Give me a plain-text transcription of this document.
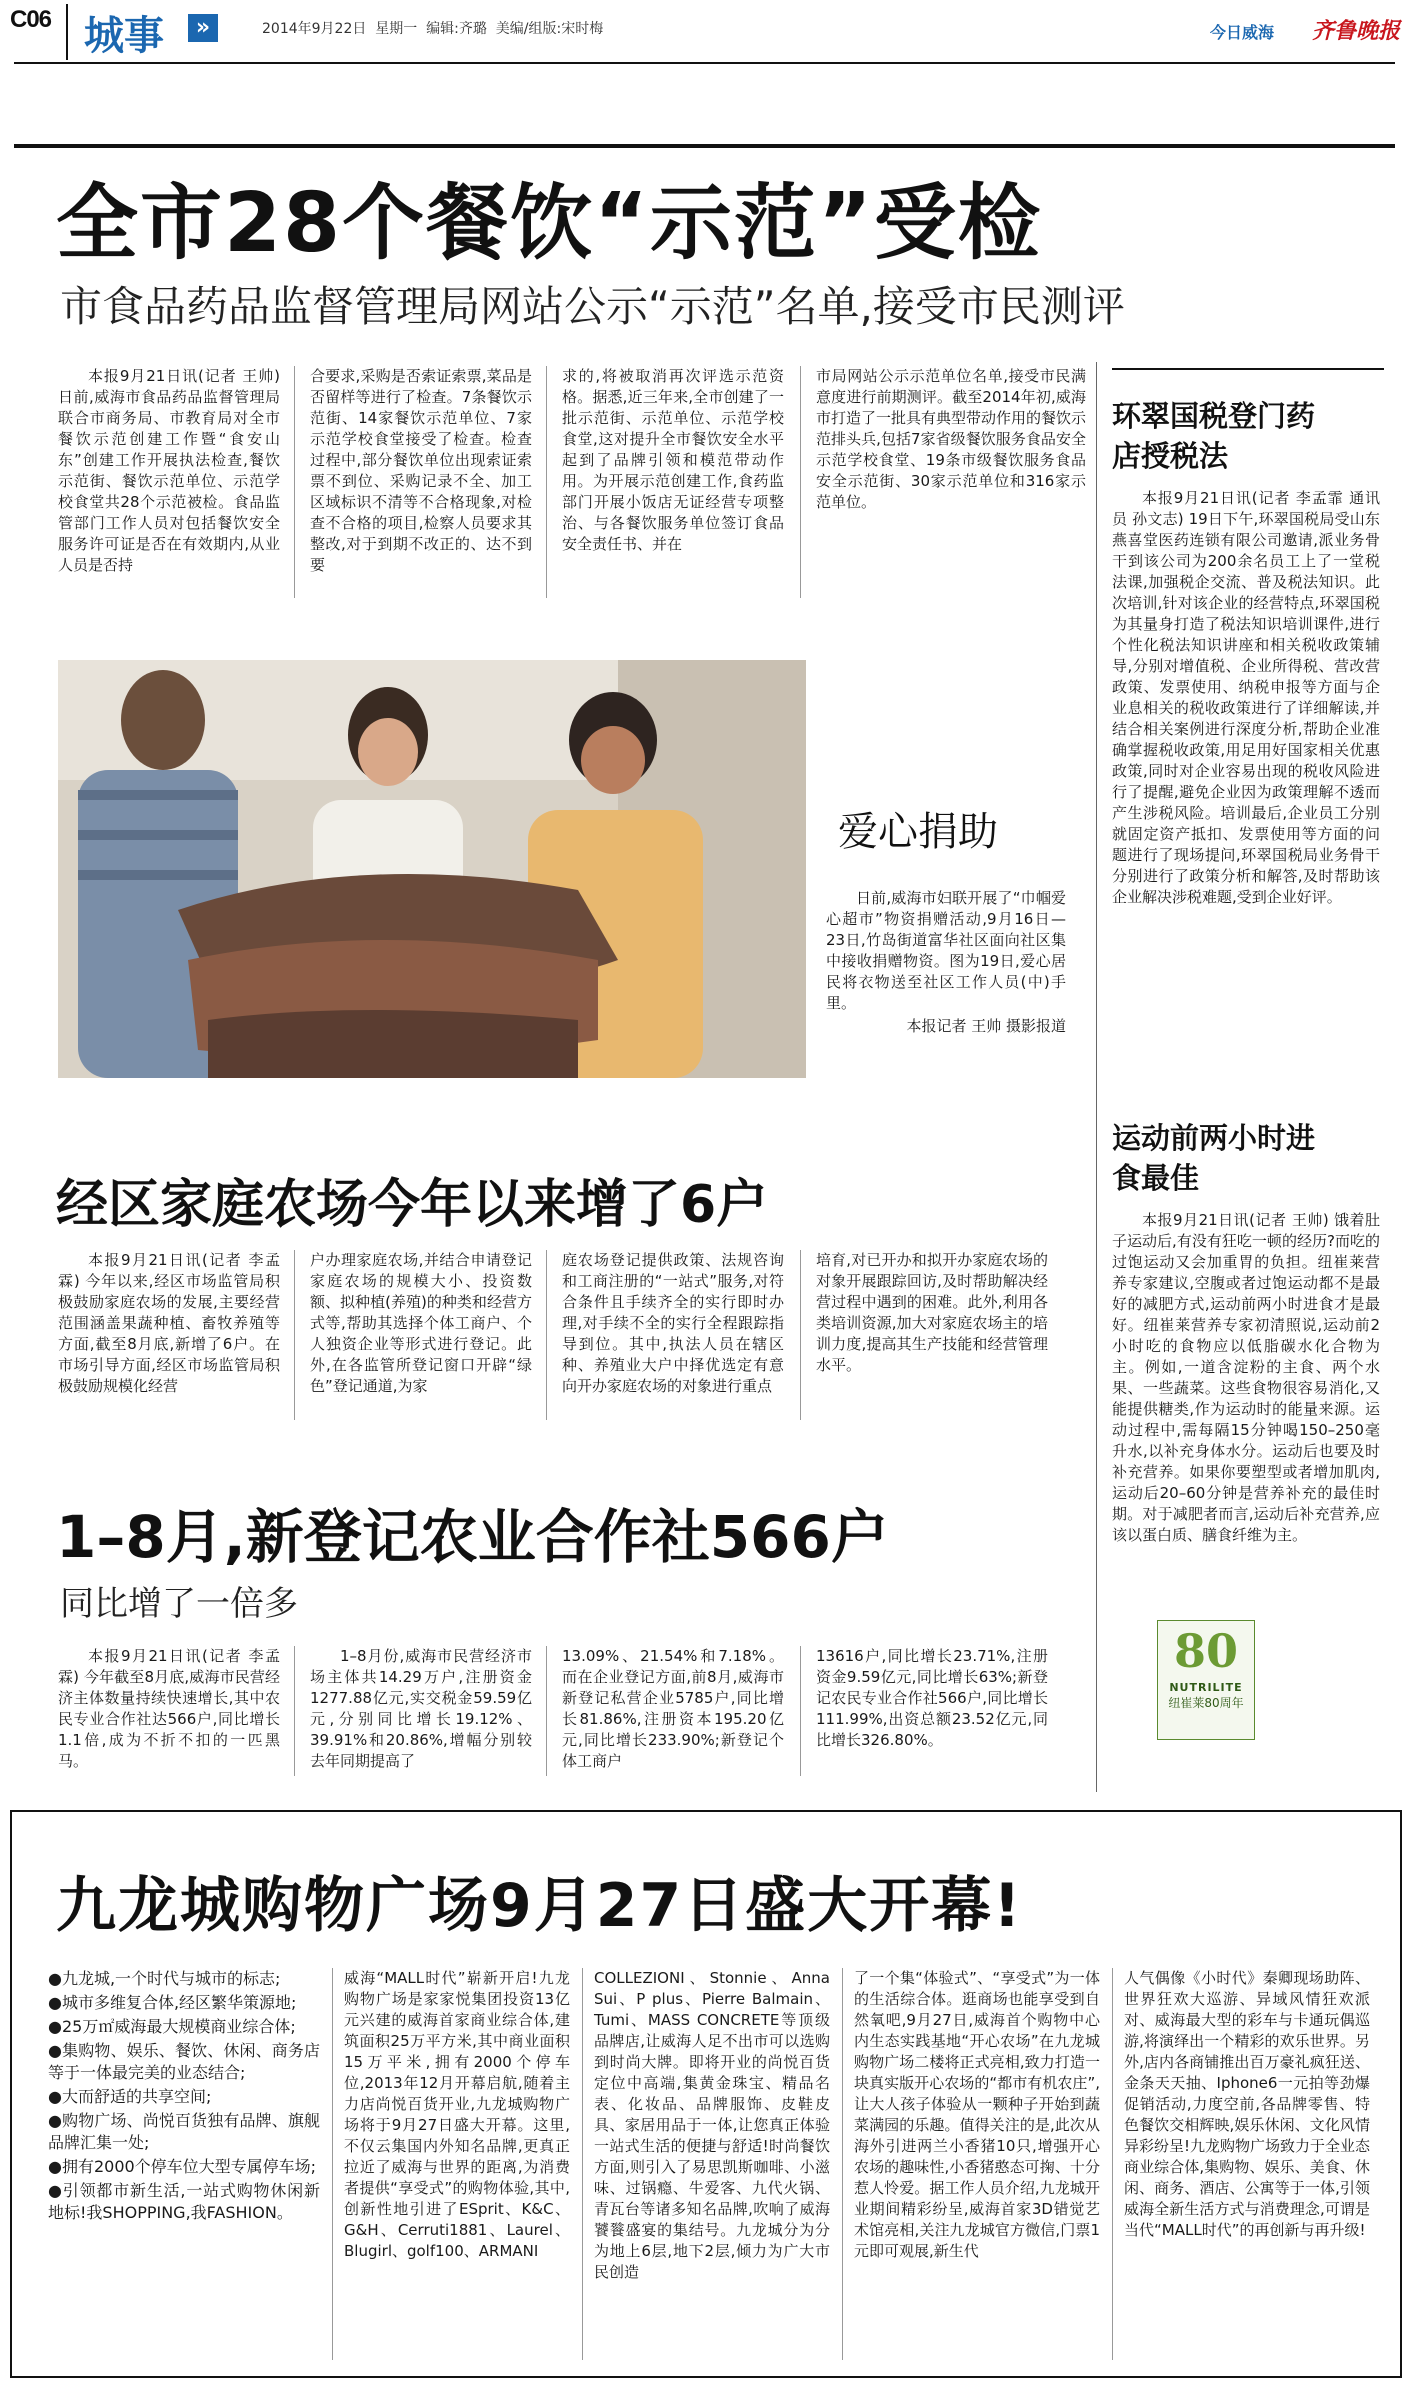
C06 城事	»	2014年9月22日  星期一  编辑:齐璐  美编/组版:宋时梅	今日威海 齐鲁晚报
全市28个餐饮“示范”受检
市食品药品监督管理局网站公示“示范”名单,接受市民测评

本报9月21日讯(记者 王帅) 日前,威海市食品药品监督管理局联合市商务局、市教育局对全市餐饮示范创建工作暨“食安山东”创建工作开展执法检查,餐饮示范街、餐饮示范单位、示范学校食堂共28个示范被检。食品监管部门工作人员对包括餐饮安全服务许可证是否在有效期内,从业人员是否持

合要求,采购是否索证索票,菜品是否留样等进行了检查。7条餐饮示范街、14家餐饮示范单位、7家示范学校食堂接受了检查。检查过程中,部分餐饮单位出现索证索票不到位、采购记录不全、加工区域标识不清等不合格现象,对检查不合格的项目,检察人员要求其整改,对于到期不改正的、达不到要

求的,将被取消再次评选示范资格。据悉,近三年来,全市创建了一批示范街、示范单位、示范学校食堂,这对提升全市餐饮安全水平起到了品牌引领和模范带动作用。为开展示范创建工作,食药监部门开展小饭店无证经营专项整治、与各餐饮服务单位签订食品安全责任书、并在

市局网站公示示范单位名单,接受市民满意度进行前期测评。截至2014年初,威海市打造了一批具有典型带动作用的餐饮示范排头兵,包括7家省级餐饮服务食品安全示范学校食堂、19条市级餐饮服务食品安全示范街、30家示范单位和316家示范单位。

爱心捐助

日前,威海市妇联开展了“巾帼爱心超市”物资捐赠活动,9月16日—23日,竹岛街道富华社区面向社区集中接收捐赠物资。图为19日,爱心居民将衣物送至社区工作人员(中)手里。

本报记者 王帅 摄影报道
经区家庭农场今年以来增了6户

本报9月21日讯(记者 李孟霖) 今年以来,经区市场监管局积极鼓励家庭农场的发展,主要经营范围涵盖果蔬种植、畜牧养殖等方面,截至8月底,新增了6户。在市场引导方面,经区市场监管局积极鼓励规模化经营

户办理家庭农场,并结合申请登记家庭农场的规模大小、投资数额、拟种植(养殖)的种类和经营方式等,帮助其选择个体工商户、个人独资企业等形式进行登记。此外,在各监管所登记窗口开辟“绿色”登记通道,为家

庭农场登记提供政策、法规咨询和工商注册的“一站式”服务,对符合条件且手续齐全的实行即时办理,对手续不全的实行全程跟踪指导到位。其中,执法人员在辖区种、养殖业大户中择优选定有意向开办家庭农场的对象进行重点

培育,对已开办和拟开办家庭农场的对象开展跟踪回访,及时帮助解决经营过程中遇到的困难。此外,利用各类培训资源,加大对家庭农场主的培训力度,提高其生产技能和经营管理水平。

1–8月,新登记农业合作社566户
同比增了一倍多

本报9月21日讯(记者 李孟霖) 今年截至8月底,威海市民营经济主体数量持续快速增长,其中农民专业合作社达566户,同比增长1.1倍,成为不折不扣的一匹黑马。

1–8月份,威海市民营经济市场主体共14.29万户,注册资金1277.88亿元,实交税金59.59亿元,分别同比增长19.12%、39.91%和20.86%,增幅分别较去年同期提高了

13.09%、21.54%和7.18%。而在企业登记方面,前8月,威海市新登记私营企业5785户,同比增长81.86%,注册资本195.20亿元,同比增长233.90%;新登记个体工商户

13616户,同比增长23.71%,注册资金9.59亿元,同比增长63%;新登记农民专业合作社566户,同比增长111.99%,出资总额23.52亿元,同比增长326.80%。

环翠国税登门药店授税法

本报9月21日讯(记者 李孟霏 通讯员 孙文志) 19日下午,环翠国税局受山东燕喜堂医药连锁有限公司邀请,派业务骨干到该公司为200余名员工上了一堂税法课,加强税企交流、普及税法知识。此次培训,针对该企业的经营特点,环翠国税为其量身打造了税法知识培训课件,进行个性化税法知识讲座和相关税收政策辅导,分别对增值税、企业所得税、营改营政策、发票使用、纳税申报等方面与企业息相关的税收政策进行了详细解读,并结合相关案例进行深度分析,帮助企业准确掌握税收政策,用足用好国家相关优惠政策,同时对企业容易出现的税收风险进行了提醒,避免企业因为政策理解不透而产生涉税风险。培训最后,企业员工分别就固定资产抵扣、发票使用等方面的问题进行了现场提问,环翠国税局业务骨干分别进行了政策分析和解答,及时帮助该企业解决涉税难题,受到企业好评。

运动前两小时进食最佳

本报9月21日讯(记者 王帅) 饿着肚子运动后,有没有狂吃一顿的经历?而吃的过饱运动又会加重胃的负担。纽崔莱营养专家建议,空腹或者过饱运动都不是最好的减肥方式,运动前两小时进食才是最好。纽崔莱营养专家初清照说,运动前2小时吃的食物应以低脂碳水化合物为主。例如,一道含淀粉的主食、两个水果、一些蔬菜。这些食物很容易消化,又能提供糖类,作为运动时的能量来源。运动过程中,需每隔15分钟喝150–250毫升水,以补充身体水分。运动后也要及时补充营养。如果你要塑型或者增加肌肉,运动后20–60分钟是营养补充的最佳时期。对于减肥者而言,运动后补充营养,应该以蛋白质、膳食纤维为主。

80
NUTRILITE
纽崔莱80周年
九龙城购物广场9月27日盛大开幕!
●九龙城,一个时代与城市的标志;
●城市多维复合体,经区繁华策源地;
●25万㎡威海最大规模商业综合体;
●集购物、娱乐、餐饮、休闲、商务店等于一体最完美的业态结合;
●大而舒适的共享空间;
●购物广场、尚悦百货独有品牌、旗舰品牌汇集一处;
●拥有2000个停车位大型专属停车场;
●引领都市新生活,一站式购物休闲新地标!我SHOPPING,我FASHION。

威海“MALL时代”崭新开启!九龙购物广场是家家悦集团投资13亿元兴建的威海首家商业综合体,建筑面积25万平方米,其中商业面积15万平米,拥有2000个停车位,2013年12月开幕启航,随着主力店尚悦百货开业,九龙城购物广场将于9月27日盛大开幕。这里,不仅云集国内外知名品牌,更真正拉近了威海与世界的距离,为消费者提供“享受式”的购物体验,其中,创新性地引进了ESprit、K&C、G&H、Cerruti1881、Laurel、Blugirl、golf100、ARMANI

COLLEZIONI、Stonnie、Anna Sui、P plus、Pierre Balmain、Tumi、MASS CONCRETE等顶级品牌店,让威海人足不出市可以选购到时尚大牌。即将开业的尚悦百货定位中高端,集黄金珠宝、精品名表、化妆品、品牌服饰、皮鞋皮具、家居用品于一体,让您真正体验一站式生活的便捷与舒适!时尚餐饮方面,则引入了易思凯斯咖啡、小滋味、过锅瘾、牛爱客、九代火锅、青瓦台等诸多知名品牌,吹响了威海饕餮盛宴的集结号。九龙城分为分为地上6层,地下2层,倾力为广大市民创造

了一个集“体验式”、“享受式”为一体的生活综合体。逛商场也能享受到自然氧吧,9月27日,威海首个购物中心内生态实践基地“开心农场”在九龙城购物广场二楼将正式亮相,致力打造一块真实版开心农场的“都市有机农庄”,让大人孩子体验从一颗种子开始到蔬菜满园的乐趣。值得关注的是,此次从海外引进两兰小香猪10只,增强开心农场的趣味性,小香猪憨态可掬、十分惹人怜爱。据工作人员介绍,九龙城开业期间精彩纷呈,威海首家3D错觉艺术馆亮相,关注九龙城官方微信,门票1元即可观展,新生代

人气偶像《小时代》秦卿现场助阵、世界狂欢大巡游、异域风情狂欢派对、威海最大型的彩车与卡通玩偶巡游,将演绎出一个精彩的欢乐世界。另外,店内各商铺推出百万豪礼疯狂送、金条天天抽、Iphone6一元拍等劲爆促销活动,力度空前,各品牌零售、特色餐饮交相辉映,娱乐休闲、文化风情异彩纷呈!九龙购物广场致力于全业态商业综合体,集购物、娱乐、美食、休闲、商务、酒店、公寓等于一体,引领威海全新生活方式与消费理念,可谓是当代“MALL时代”的再创新与再升级!
